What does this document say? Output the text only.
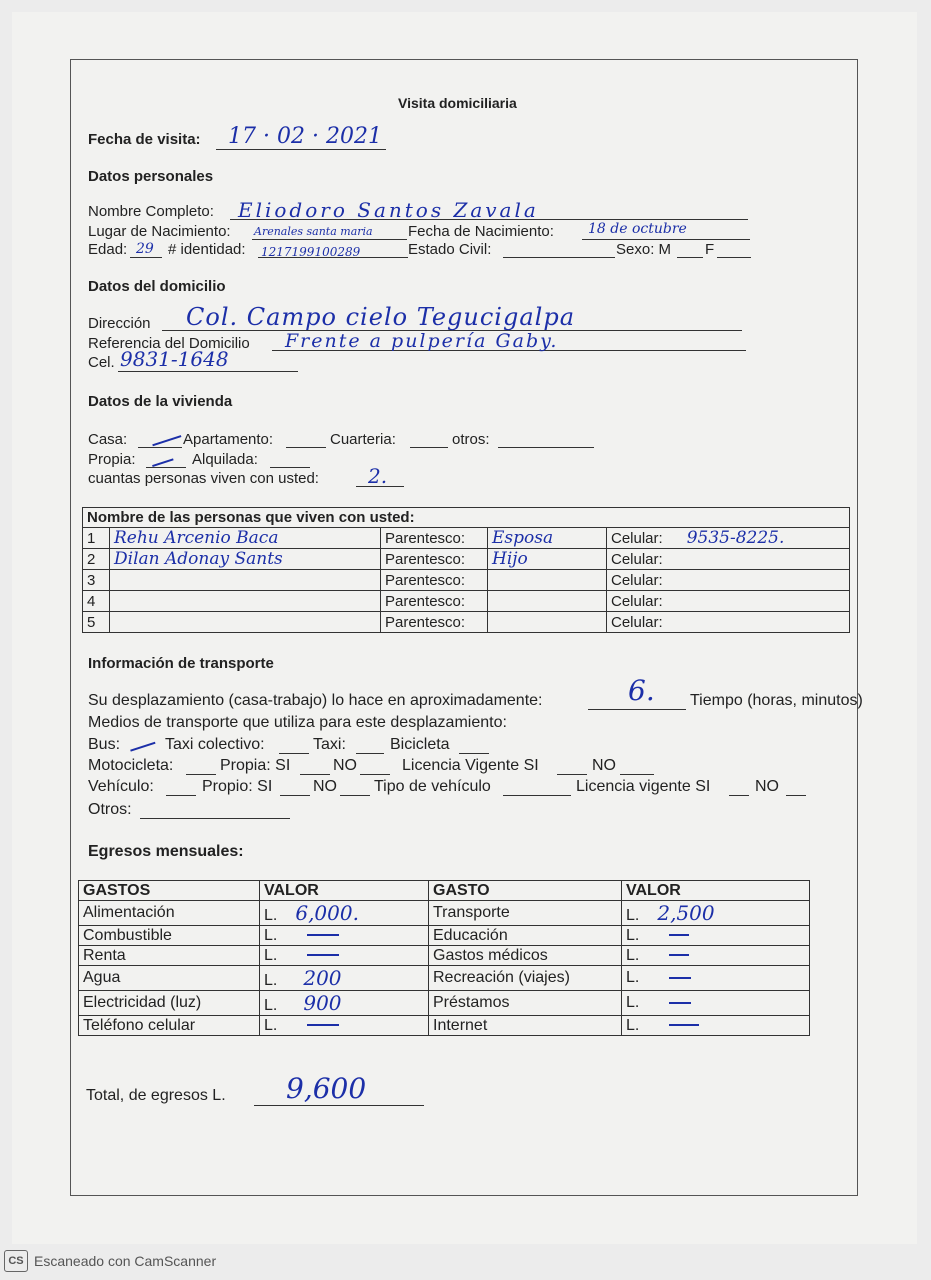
Visita domiciliaria
Fecha de visita: 17 · 02 · 2021
Datos personales
Nombre Completo: Eliodoro Santos Zavala
Lugar de Nacimiento: Arenales santa maria Fecha de Nacimiento: 18 de octubre
Edad: 29 # identidad: 1217199100289	Estado Civil:	Sexo: M F
Datos del domicilio
Dirección Col. Campo cielo Tegucigalpa
Referencia del Domicilio Frente a pulpería Gaby.
Cel. 9831-1648
Datos de la vivienda
Casa:	Apartamento:	Cuarteria:	otros:
Propia:	Alquilada:
cuantas personas viven con usted: 2.
Nombre de las personas que viven con usted:				
1	Rehu Arcenio Baca	Parentesco:	Esposa	Celular: 9535-8225.
2	Dilan Adonay Sants	Parentesco:	Hijo	Celular:
3		Parentesco:		Celular:
4		Parentesco:		Celular:
5		Parentesco:		Celular:
Información de transporte
Su desplazamiento (casa-trabajo) lo hace en aproximadamente:	6. Tiempo (horas, minutos)
Medios de transporte que utiliza para este desplazamiento:
Bus:	Taxi colectivo:	Taxi:	Bicicleta
Motocicleta:	Propia: SI	NO	Licencia Vigente SI	NO
Vehículo:	Propio: SI	NO Tipo de vehículo	Licencia vigente SI	NO
Otros:
Egresos mensuales:
GASTOS	VALOR	GASTO	VALOR
Alimentación	L. 6,000.	Transporte	L. 2,500
Combustible	L.	Educación	L.
Renta	L.	Gastos médicos	L.
Agua	L. 200	Recreación (viajes)	L.
Electricidad (luz)	L. 900	Préstamos	L.
Teléfono celular	L.	Internet	L.
Total, de egresos L. 9,600
CS Escaneado con CamScanner
